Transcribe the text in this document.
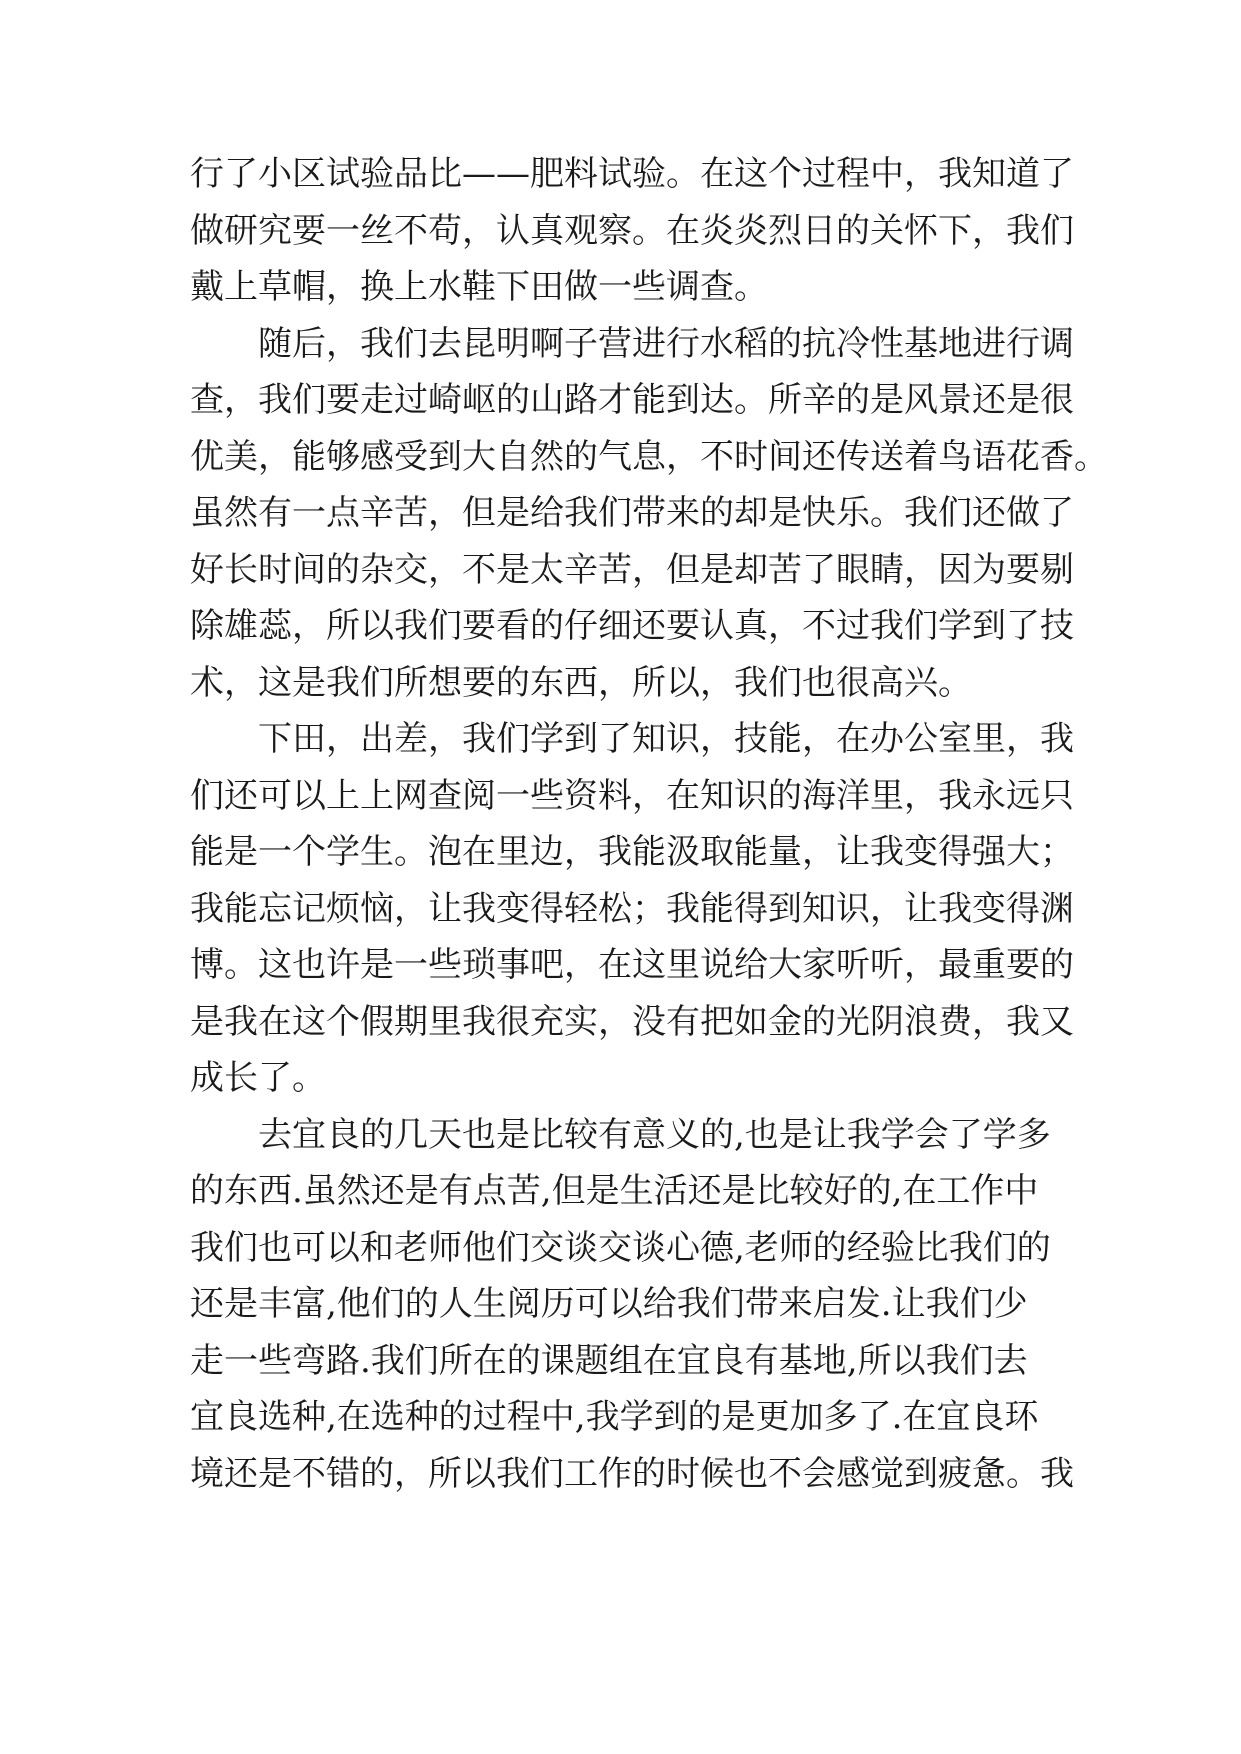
行了小区试验品比——肥料试验。在这个过程中，我知道了
做研究要一丝不苟，认真观察。在炎炎烈日的关怀下，我们
戴上草帽，换上水鞋下田做一些调查。
随后，我们去昆明啊子营进行水稻的抗冷性基地进行调
查，我们要走过崎岖的山路才能到达。所辛的是风景还是很
优美，能够感受到大自然的气息，不时间还传送着鸟语花香。
虽然有一点辛苦，但是给我们带来的却是快乐。我们还做了
好长时间的杂交，不是太辛苦，但是却苦了眼睛，因为要剔
除雄蕊，所以我们要看的仔细还要认真，不过我们学到了技
术，这是我们所想要的东西，所以，我们也很高兴。
下田，出差，我们学到了知识，技能，在办公室里，我
们还可以上上网查阅一些资料，在知识的海洋里，我永远只
能是一个学生。泡在里边，我能汲取能量，让我变得强大；
我能忘记烦恼，让我变得轻松；我能得到知识，让我变得渊
博。这也许是一些琐事吧，在这里说给大家听听，最重要的
是我在这个假期里我很充实，没有把如金的光阴浪费，我又
成长了。
去宜良的几天也是比较有意义的,也是让我学会了学多
的东西.虽然还是有点苦,但是生活还是比较好的,在工作中
我们也可以和老师他们交谈交谈心德,老师的经验比我们的
还是丰富,他们的人生阅历可以给我们带来启发.让我们少
走一些弯路.我们所在的课题组在宜良有基地,所以我们去
宜良选种,在选种的过程中,我学到的是更加多了.在宜良环
境还是不错的，所以我们工作的时候也不会感觉到疲惫。我
